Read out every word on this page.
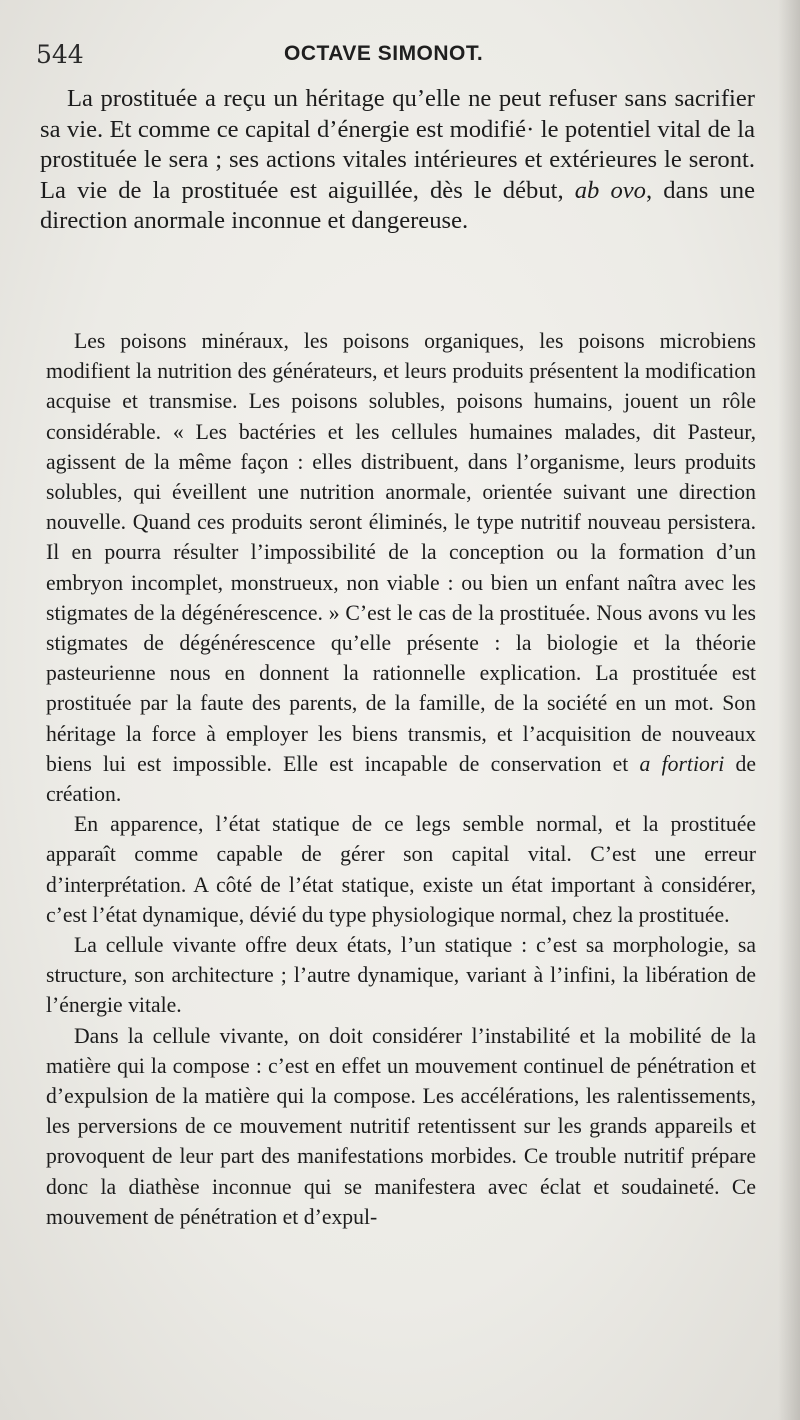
544	OCTAVE SIMONOT.

La prostituée a reçu un héritage qu’elle ne peut refuser sans sacrifier sa vie. Et comme ce capital d’énergie est modifié· le potentiel vital de la prostituée le sera ; ses actions vitales intérieures et extérieures le seront. La vie de la prostituée est aiguillée, dès le début, ab ovo, dans une direction anormale inconnue et dangereuse.

Les poisons minéraux, les poisons organiques, les poisons microbiens modifient la nutrition des générateurs, et leurs produits présentent la modification acquise et transmise. Les poisons solubles, poisons humains, jouent un rôle considérable. « Les bactéries et les cellules humaines malades, dit Pasteur, agissent de la même façon : elles distribuent, dans l’organisme, leurs produits solubles, qui éveillent une nutrition anormale, orientée suivant une direction nouvelle. Quand ces produits seront éliminés, le type nutritif nouveau persistera. Il en pourra résulter l’impossibilité de la conception ou la formation d’un embryon incomplet, monstrueux, non viable : ou bien un enfant naîtra avec les stigmates de la dégénérescence. » C’est le cas de la prostituée. Nous avons vu les stigmates de dégénérescence qu’elle présente : la biologie et la théorie pasteurienne nous en donnent la rationnelle explication. La prostituée est prostituée par la faute des parents, de la famille, de la société en un mot. Son héritage la force à employer les biens transmis, et l’acquisition de nouveaux biens lui est impossible. Elle est incapable de conservation et a fortiori de création.

En apparence, l’état statique de ce legs semble normal, et la prostituée apparaît comme capable de gérer son capital vital. C’est une erreur d’interprétation. A côté de l’état statique, existe un état important à considérer, c’est l’état dynamique, dévié du type physiologique normal, chez la prostituée.

La cellule vivante offre deux états, l’un statique : c’est sa morphologie, sa structure, son architecture ; l’autre dynamique, variant à l’infini, la libération de l’énergie vitale.

Dans la cellule vivante, on doit considérer l’instabilité et la mobilité de la matière qui la compose : c’est en effet un mouvement continuel de pénétration et d’expulsion de la matière qui la compose. Les accélérations, les ralentissements, les perversions de ce mouvement nutritif retentissent sur les grands appareils et provoquent de leur part des manifestations morbides. Ce trouble nutritif prépare donc la diathèse inconnue qui se manifestera avec éclat et soudaineté. Ce mouvement de pénétration et d’expul-
